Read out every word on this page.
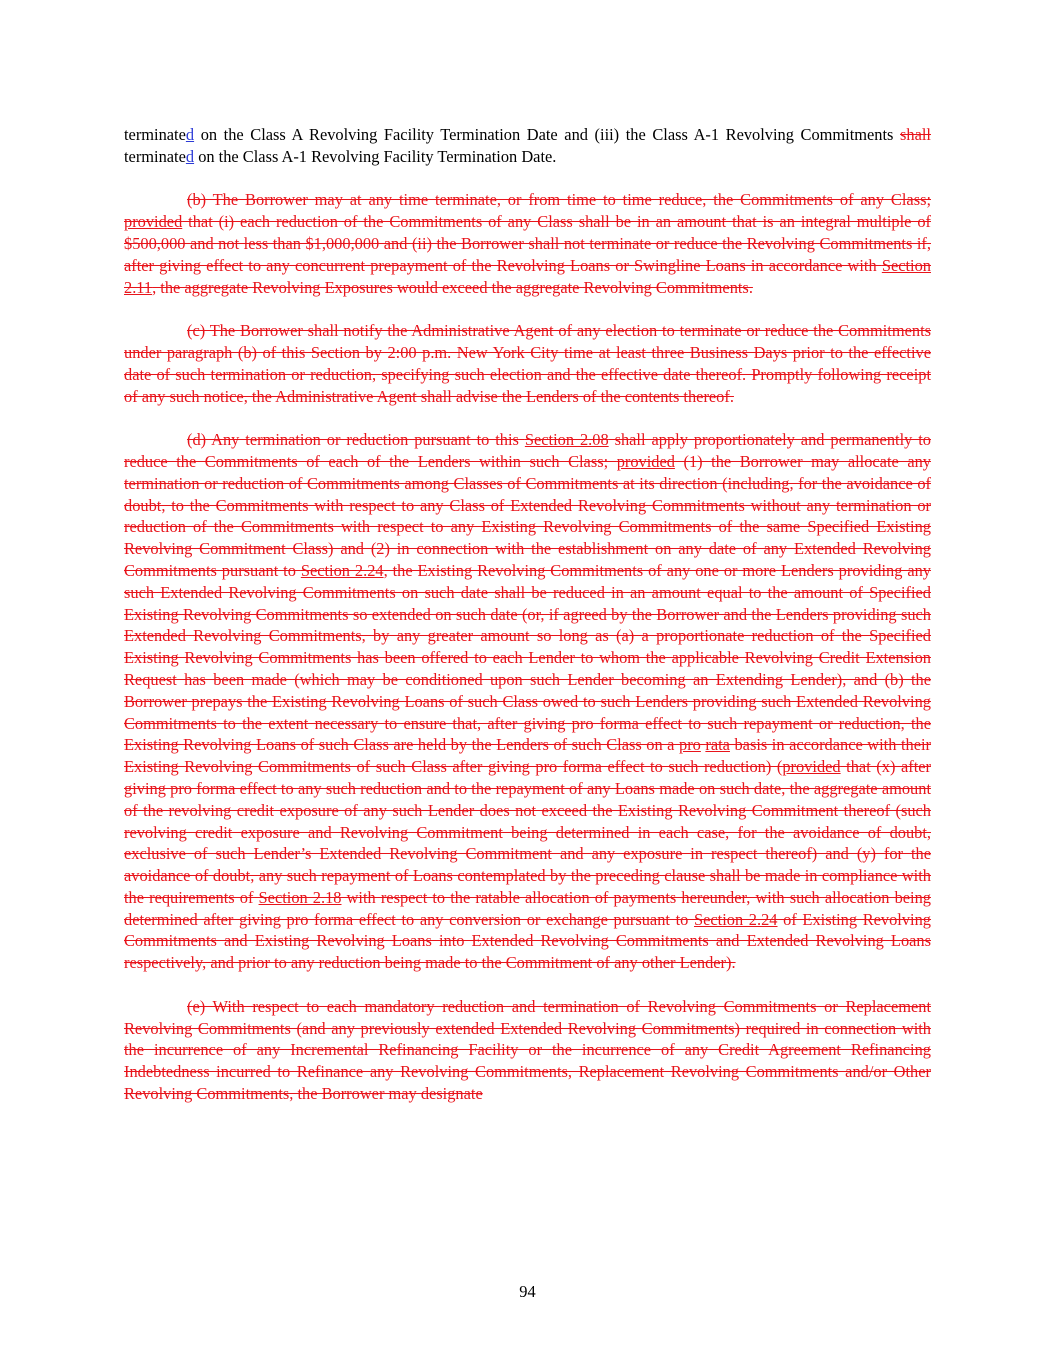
terminated on the Class A Revolving Facility Termination Date and (iii) the Class A-1 Revolving Commitments shall terminated on the Class A-1 Revolving Facility Termination Date.

(b) The Borrower may at any time terminate, or from time to time reduce, the Commitments of any Class; provided that (i) each reduction of the Commitments of any Class shall be in an amount that is an integral multiple of $500,000 and not less than $1,000,000 and (ii) the Borrower shall not terminate or reduce the Revolving Commitments if, after giving effect to any concurrent prepayment of the Revolving Loans or Swingline Loans in accordance with Section 2.11, the aggregate Revolving Exposures would exceed the aggregate Revolving Commitments.

(c) The Borrower shall notify the Administrative Agent of any election to terminate or reduce the Commitments under paragraph (b) of this Section by 2:00 p.m. New York City time at least three Business Days prior to the effective date of such termination or reduction, specifying such election and the effective date thereof. Promptly following receipt of any such notice, the Administrative Agent shall advise the Lenders of the contents thereof.

(d) Any termination or reduction pursuant to this Section 2.08 shall apply proportionately and permanently to reduce the Commitments of each of the Lenders within such Class; provided (1) the Borrower may allocate any termination or reduction of Commitments among Classes of Commitments at its direction (including, for the avoidance of doubt, to the Commitments with respect to any Class of Extended Revolving Commitments without any termination or reduction of the Commitments with respect to any Existing Revolving Commitments of the same Specified Existing Revolving Commitment Class) and (2) in connection with the establishment on any date of any Extended Revolving Commitments pursuant to Section 2.24, the Existing Revolving Commitments of any one or more Lenders providing any such Extended Revolving Commitments on such date shall be reduced in an amount equal to the amount of Specified Existing Revolving Commitments so extended on such date (or, if agreed by the Borrower and the Lenders providing such Extended Revolving Commitments, by any greater amount so long as (a) a proportionate reduction of the Specified Existing Revolving Commitments has been offered to each Lender to whom the applicable Revolving Credit Extension Request has been made (which may be conditioned upon such Lender becoming an Extending Lender), and (b) the Borrower prepays the Existing Revolving Loans of such Class owed to such Lenders providing such Extended Revolving Commitments to the extent necessary to ensure that, after giving pro forma effect to such repayment or reduction, the Existing Revolving Loans of such Class are held by the Lenders of such Class on a pro rata basis in accordance with their Existing Revolving Commitments of such Class after giving pro forma effect to such reduction) (provided that (x) after giving pro forma effect to any such reduction and to the repayment of any Loans made on such date, the aggregate amount of the revolving credit exposure of any such Lender does not exceed the Existing Revolving Commitment thereof (such revolving credit exposure and Revolving Commitment being determined in each case, for the avoidance of doubt, exclusive of such Lender’s Extended Revolving Commitment and any exposure in respect thereof) and (y) for the avoidance of doubt, any such repayment of Loans contemplated by the preceding clause shall be made in compliance with the requirements of Section 2.18 with respect to the ratable allocation of payments hereunder, with such allocation being determined after giving pro forma effect to any conversion or exchange pursuant to Section 2.24 of Existing Revolving Commitments and Existing Revolving Loans into Extended Revolving Commitments and Extended Revolving Loans respectively, and prior to any reduction being made to the Commitment of any other Lender).

(e) With respect to each mandatory reduction and termination of Revolving Commitments or Replacement Revolving Commitments (and any previously extended Extended Revolving Commitments) required in connection with the incurrence of any Incremental Refinancing Facility or the incurrence of any Credit Agreement Refinancing Indebtedness incurred to Refinance any Revolving Commitments, Replacement Revolving Commitments and/or Other Revolving Commitments, the Borrower may designate

94
